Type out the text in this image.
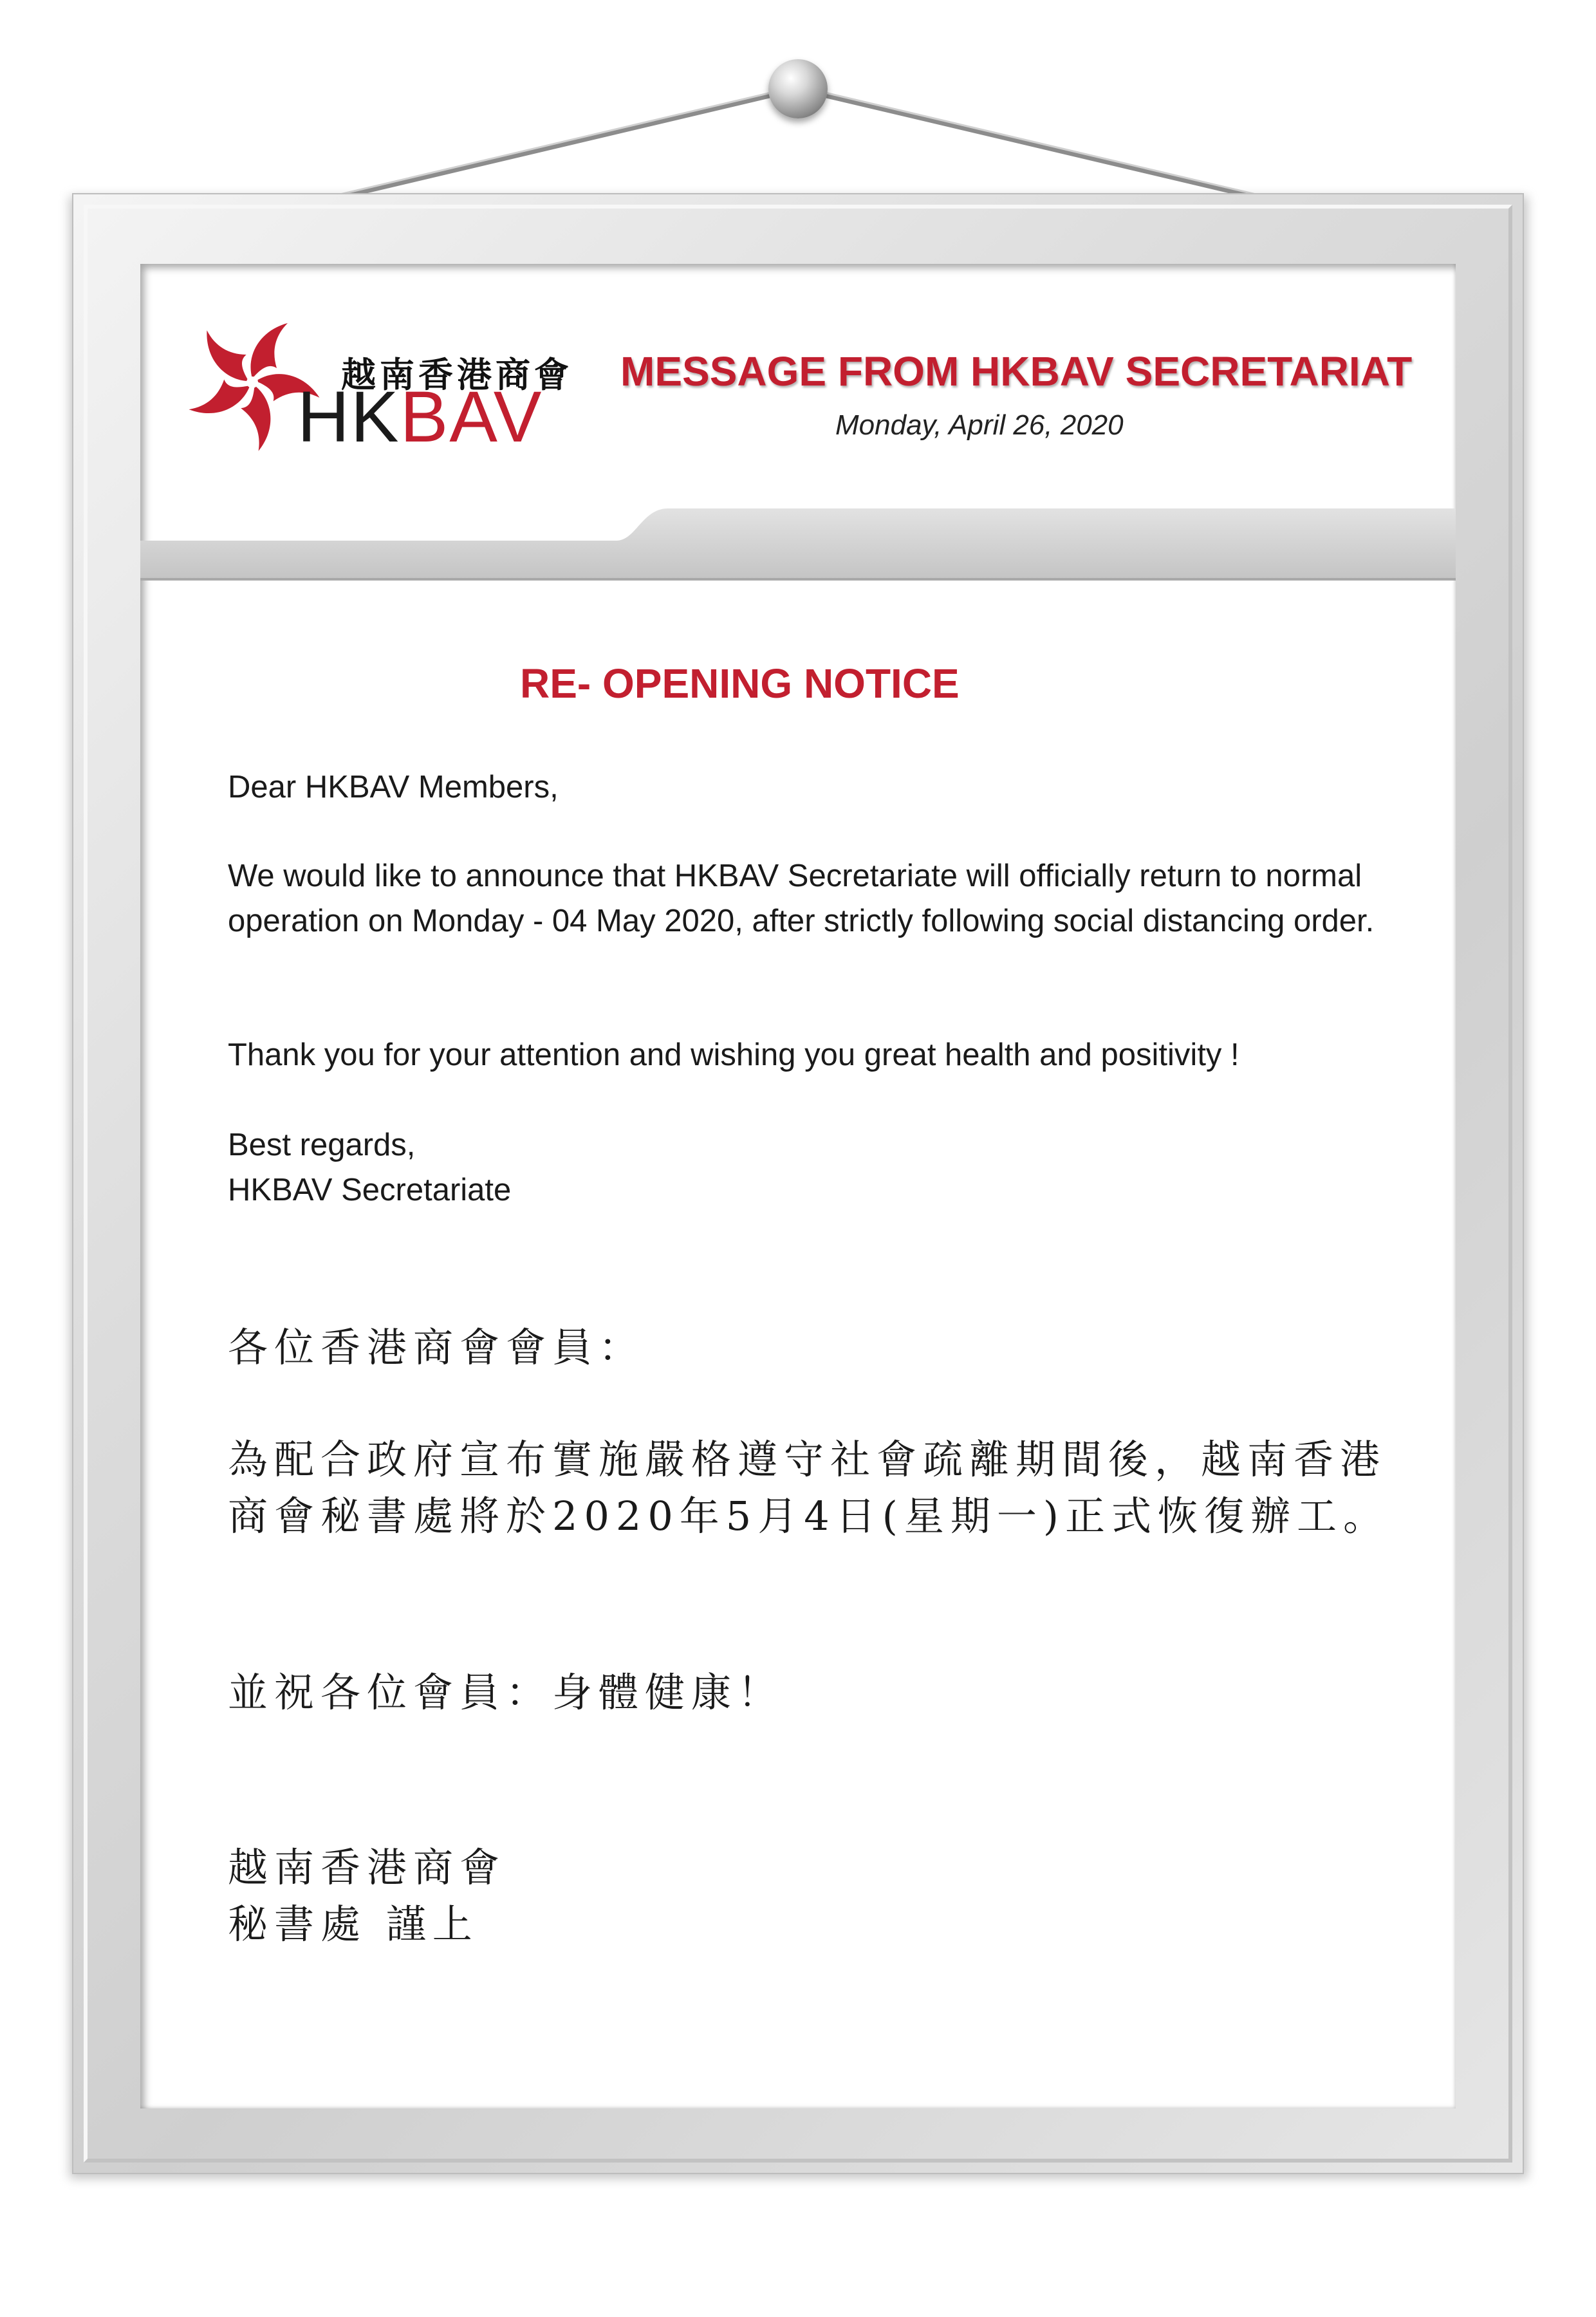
越南香港商會
HKBAV
MESSAGE FROM HKBAV SECRETARIAT
Monday, April 26, 2020
RE- OPENING NOTICE
Dear HKBAV Members,
We would like to announce that HKBAV Secretariate will officially return to normal operation on Monday - 04 May 2020, after strictly following social distancing order.
Thank you for your attention and wishing you great health and positivity !
Best regards,
HKBAV Secretariate
各位香港商會會員：
為配合政府宣布實施嚴格遵守社會疏離期間後，越南香港商會秘書處將於2020年5月4日(星期一)正式恢復辦工。
並祝各位會員：身體健康！
越南香港商會
秘書處 謹上
